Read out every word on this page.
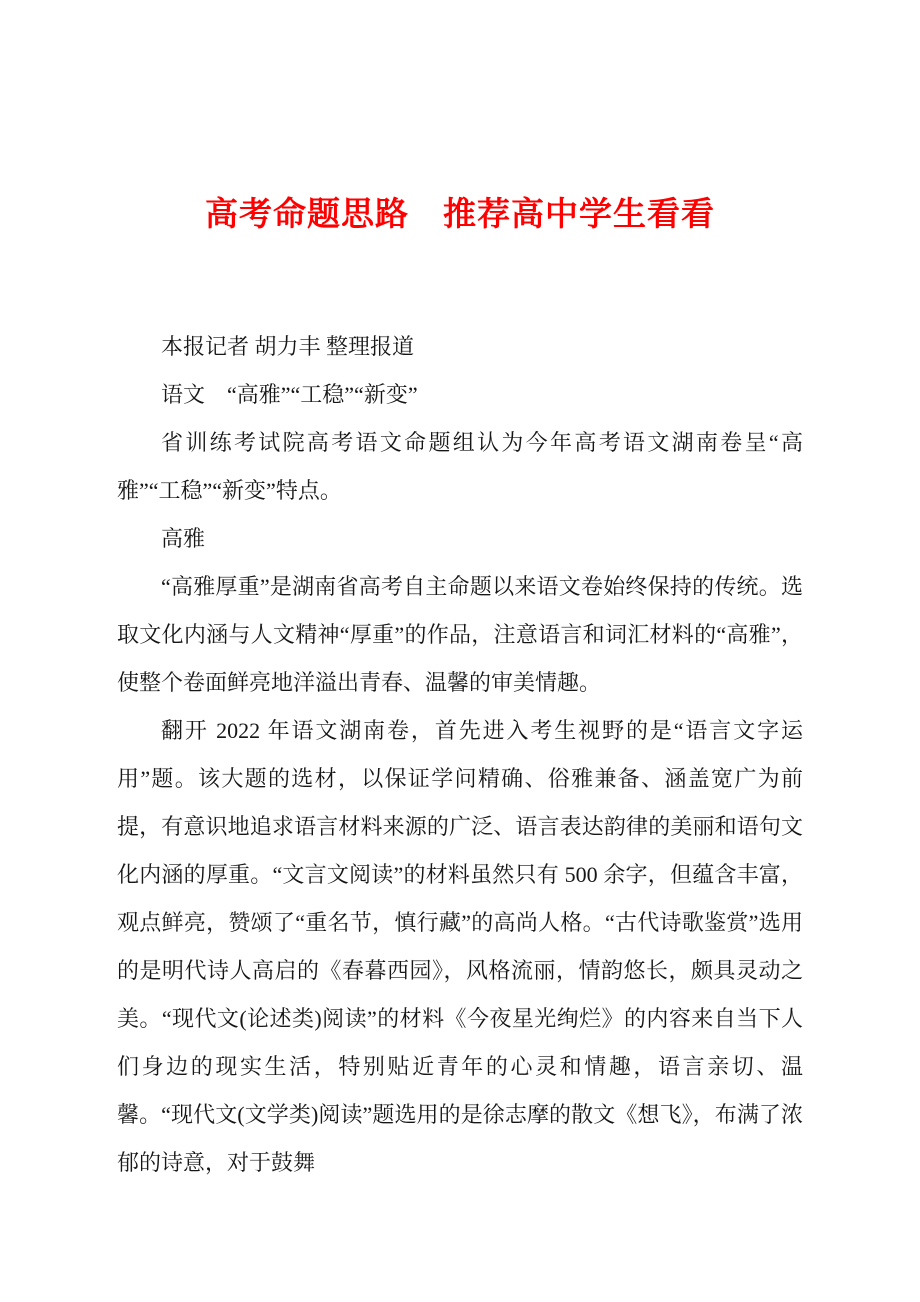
高考命题思路　推荐高中学生看看

本报记者 胡力丰 整理报道

语文　“高雅”“工稳”“新变”

省训练考试院高考语文命题组认为今年高考语文湖南卷呈“高雅”“工稳”“新变”特点。

高雅

“高雅厚重”是湖南省高考自主命题以来语文卷始终保持的传统。选取文化内涵与人文精神“厚重”的作品，注意语言和词汇材料的“高雅”，使整个卷面鲜亮地洋溢出青春、温馨的审美情趣。

翻开 2022 年语文湖南卷，首先进入考生视野的是“语言文字运用”题。该大题的选材，以保证学问精确、俗雅兼备、涵盖宽广为前提，有意识地追求语言材料来源的广泛、语言表达韵律的美丽和语句文化内涵的厚重。“文言文阅读”的材料虽然只有 500 余字，但蕴含丰富，观点鲜亮，赞颂了“重名节，慎行藏”的高尚人格。“古代诗歌鉴赏”选用的是明代诗人高启的《春暮西园》，风格流丽，情韵悠长，颇具灵动之美。“现代文(论述类)阅读”的材料《今夜星光绚烂》的内容来自当下人们身边的现实生活，特别贴近青年的心灵和情趣，语言亲切、温馨。“现代文(文学类)阅读”题选用的是徐志摩的散文《想飞》，布满了浓郁的诗意，对于鼓舞
